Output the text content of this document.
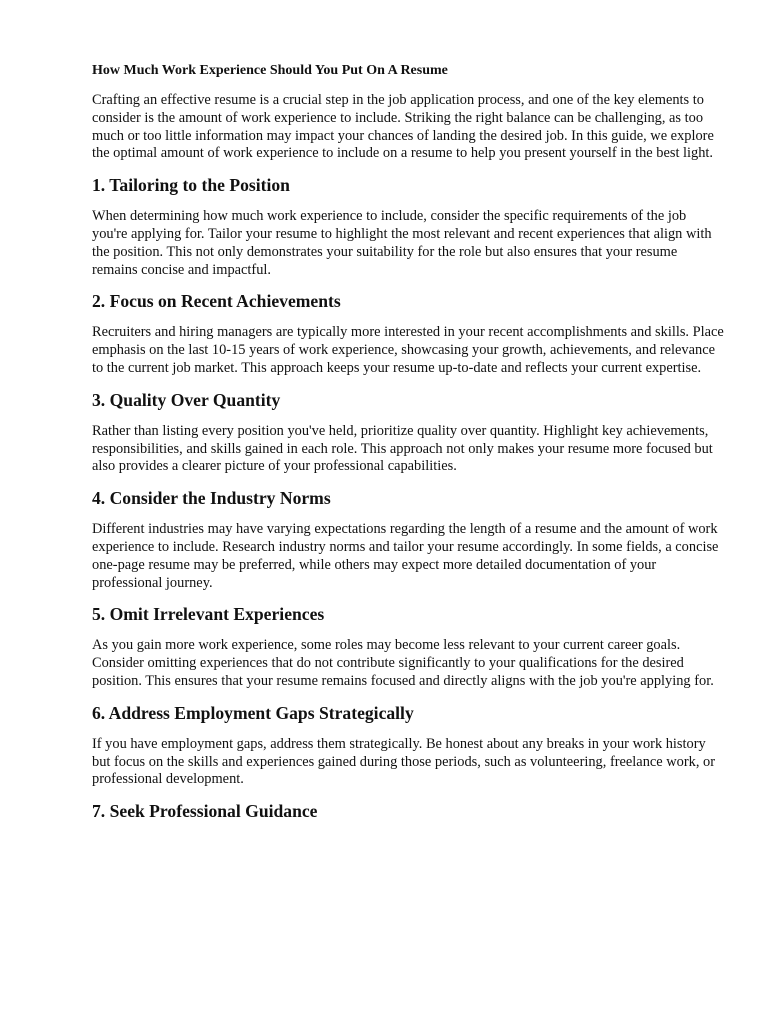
How Much Work Experience Should You Put On A Resume

Crafting an effective resume is a crucial step in the job application process, and one of the key elements to consider is the amount of work experience to include. Striking the right balance can be challenging, as too much or too little information may impact your chances of landing the desired job. In this guide, we explore the optimal amount of work experience to include on a resume to help you present yourself in the best light.

1. Tailoring to the Position

When determining how much work experience to include, consider the specific requirements of the job you're applying for. Tailor your resume to highlight the most relevant and recent experiences that align with the position. This not only demonstrates your suitability for the role but also ensures that your resume remains concise and impactful.

2. Focus on Recent Achievements

Recruiters and hiring managers are typically more interested in your recent accomplishments and skills. Place emphasis on the last 10-15 years of work experience, showcasing your growth, achievements, and relevance to the current job market. This approach keeps your resume up-to-date and reflects your current expertise.

3. Quality Over Quantity

Rather than listing every position you've held, prioritize quality over quantity. Highlight key achievements, responsibilities, and skills gained in each role. This approach not only makes your resume more focused but also provides a clearer picture of your professional capabilities.

4. Consider the Industry Norms

Different industries may have varying expectations regarding the length of a resume and the amount of work experience to include. Research industry norms and tailor your resume accordingly. In some fields, a concise one-page resume may be preferred, while others may expect more detailed documentation of your professional journey.

5. Omit Irrelevant Experiences

As you gain more work experience, some roles may become less relevant to your current career goals. Consider omitting experiences that do not contribute significantly to your qualifications for the desired position. This ensures that your resume remains focused and directly aligns with the job you're applying for.

6. Address Employment Gaps Strategically

If you have employment gaps, address them strategically. Be honest about any breaks in your work history but focus on the skills and experiences gained during those periods, such as volunteering, freelance work, or professional development.

7. Seek Professional Guidance
